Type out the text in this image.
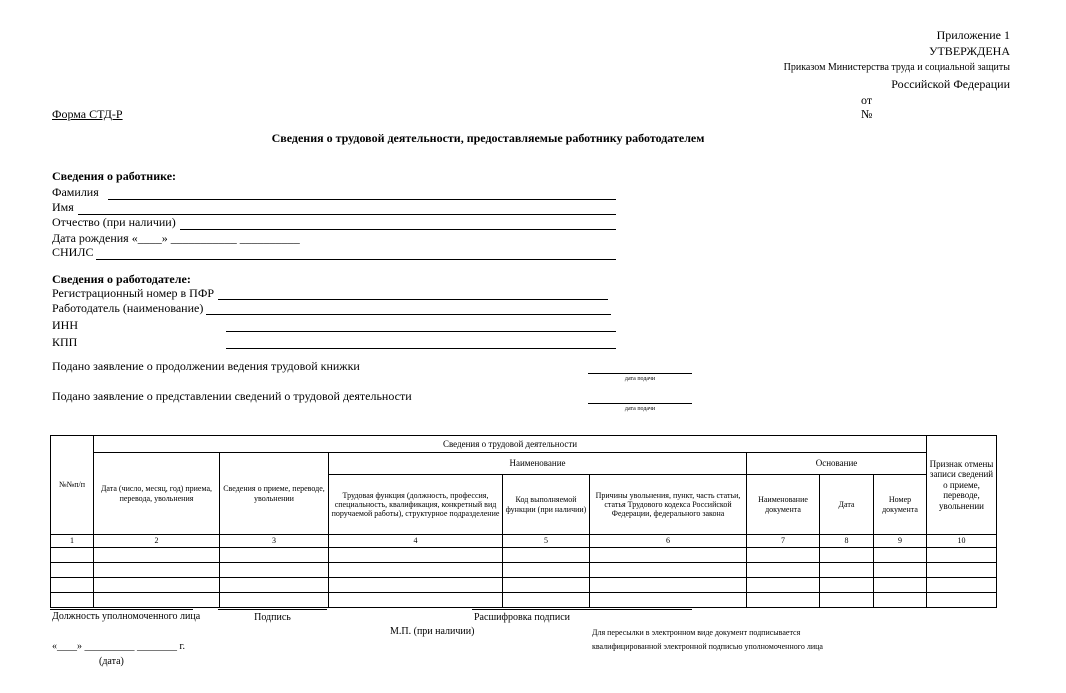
Приложение 1
УТВЕРЖДЕНА
Приказом Министерства труда и социальной защиты
Российской Федерации
от
№
Форма СТД-Р
Сведения о трудовой деятельности, предоставляемые работнику работодателем
Сведения о работнике:
Фамилия
Имя
Отчество (при наличии)
Дата рождения «____» ___________ __________
СНИЛС
Сведения о работодателе:
Регистрационный номер в ПФР
Работодатель (наименование)
ИНН
КПП
Подано заявление о продолжении ведения трудовой книжки
дата подачи
Подано заявление о представлении сведений о трудовой деятельности
дата подачи
№№п/п	Сведения о трудовой деятельности								Признак отмены записи сведений о приеме, переводе, увольнении
	Дата (число, месяц, год) приема, перевода, увольнения	Сведения о приеме, переводе, увольнении	Наименование			Основание			
			Трудовая функция (должность, профессия, специальность, квалификация, конкретный вид поручаемой работы), структурное подразделение	Код выполняемой функции (при наличии)	Причины увольнения, пункт, часть статьи, статья Трудового кодекса Российской Федерации, федерального закона	Наименование документа	Дата	Номер документа	
1	2	3	4	5	6	7	8	9	10

Должность уполномоченного лица	Подпись	Расшифровка подписи
М.П. (при наличии)
«____» __________ ________ г.
(дата)
Для пересылки в электронном виде документ подписывается
квалифицированной электронной подписью уполномоченного лица
